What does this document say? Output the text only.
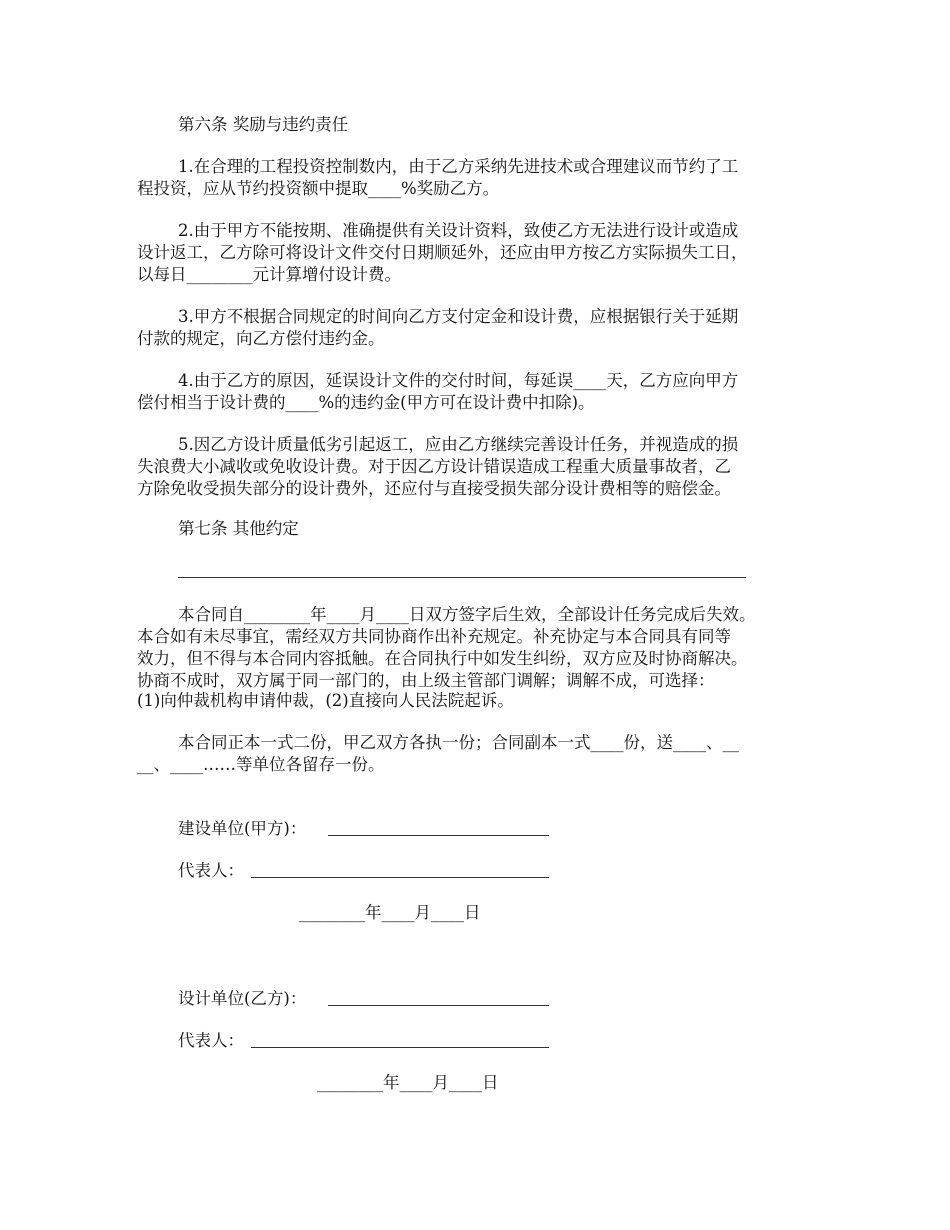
第六条 奖励与违约责任
1.在合理的工程投资控制数内，由于乙方采纳先进技术或合理建议而节约了工
程投资，应从节约投资额中提取____%奖励乙方。
2.由于甲方不能按期、准确提供有关设计资料，致使乙方无法进行设计或造成
设计返工，乙方除可将设计文件交付日期顺延外，还应由甲方按乙方实际损失工日，
以每日________元计算增付设计费。
3.甲方不根据合同规定的时间向乙方支付定金和设计费，应根据银行关于延期
付款的规定，向乙方偿付违约金。
4.由于乙方的原因，延误设计文件的交付时间，每延误____天，乙方应向甲方
偿付相当于设计费的____%的违约金(甲方可在设计费中扣除)。
5.因乙方设计质量低劣引起返工，应由乙方继续完善设计任务，并视造成的损
失浪费大小减收或免收设计费。对于因乙方设计错误造成工程重大质量事故者，乙
方除免收受损失部分的设计费外，还应付与直接受损失部分设计费相等的赔偿金。
第七条 其他约定
本合同自________年____月____日双方签字后生效，全部设计任务完成后失效。
本合如有未尽事宜，需经双方共同协商作出补充规定。补充协定与本合同具有同等
效力，但不得与本合同内容抵触。在合同执行中如发生纠纷，双方应及时协商解决。
协商不成时，双方属于同一部门的，由上级主管部门调解；调解不成，可选择：
(1)向仲裁机构申请仲裁，(2)直接向人民法院起诉。
本合同正本一式二份，甲乙双方各执一份；合同副本一式____份，送____、__
__、____……等单位各留存一份。
建设单位(甲方)：
代表人：
________年____月____日
设计单位(乙方)：
代表人：
________年____月____日
